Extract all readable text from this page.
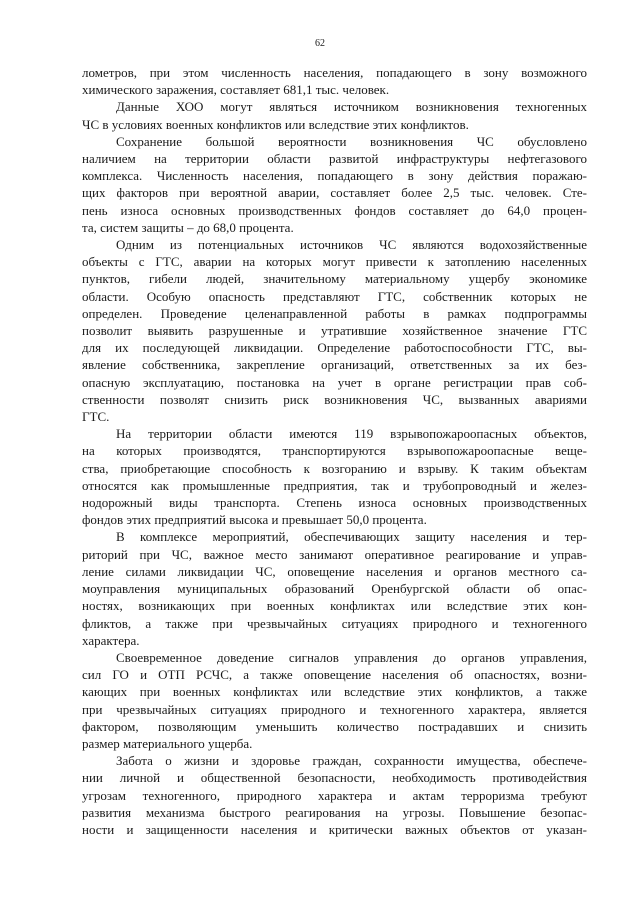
62

лометров, при этом численность населения, попадающего в зону возможного
химического заражения, составляет 681,1 тыс. человек.

Данные ХОО могут являться источником возникновения техногенных
ЧС в условиях военных конфликтов или вследствие этих конфликтов.

Сохранение большой вероятности возникновения ЧС обусловлено
наличием на территории области развитой инфраструктуры нефтегазового
комплекса. Численность населения, попадающего в зону действия поражаю-
щих факторов при вероятной аварии, составляет более 2,5 тыс. человек. Сте-
пень износа основных производственных фондов составляет до 64,0 процен-
та, систем защиты – до 68,0 процента.

Одним из потенциальных источников ЧС являются водохозяйственные
объекты с ГТС, аварии на которых могут привести к затоплению населенных
пунктов, гибели людей, значительному материальному ущербу экономике
области. Особую опасность представляют ГТС, собственник которых не
определен. Проведение целенаправленной работы в рамках подпрограммы
позволит выявить разрушенные и утратившие хозяйственное значение ГТС
для их последующей ликвидации. Определение работоспособности ГТС, вы-
явление собственника, закрепление организаций, ответственных за их без-
опасную эксплуатацию, постановка на учет в органе регистрации прав соб-
ственности позволят снизить риск возникновения ЧС, вызванных авариями
ГТС.

На территории области имеются 119 взрывопожароопасных объектов,
на которых производятся, транспортируются взрывопожароопасные веще-
ства, приобретающие способность к возгоранию и взрыву. К таким объектам
относятся как промышленные предприятия, так и трубопроводный и желез-
нодорожный виды транспорта. Степень износа основных производственных
фондов этих предприятий высока и превышает 50,0 процента.

В комплексе мероприятий, обеспечивающих защиту населения и тер-
риторий при ЧС, важное место занимают оперативное реагирование и управ-
ление силами ликвидации ЧС, оповещение населения и органов местного са-
моуправления муниципальных образований Оренбургской области об опас-
ностях, возникающих при военных конфликтах или вследствие этих кон-
фликтов, а также при чрезвычайных ситуациях природного и техногенного
характера.

Своевременное доведение сигналов управления до органов управления,
сил ГО и ОТП РСЧС, а также оповещение населения об опасностях, возни-
кающих при военных конфликтах или вследствие этих конфликтов, а также
при чрезвычайных ситуациях природного и техногенного характера, является
фактором, позволяющим уменьшить количество пострадавших и снизить
размер материального ущерба.

Забота о жизни и здоровье граждан, сохранности имущества, обеспече-
нии личной и общественной безопасности, необходимость противодействия
угрозам техногенного, природного характера и актам терроризма требуют
развития механизма быстрого реагирования на угрозы. Повышение безопас-
ности и защищенности населения и критически важных объектов от указан-
